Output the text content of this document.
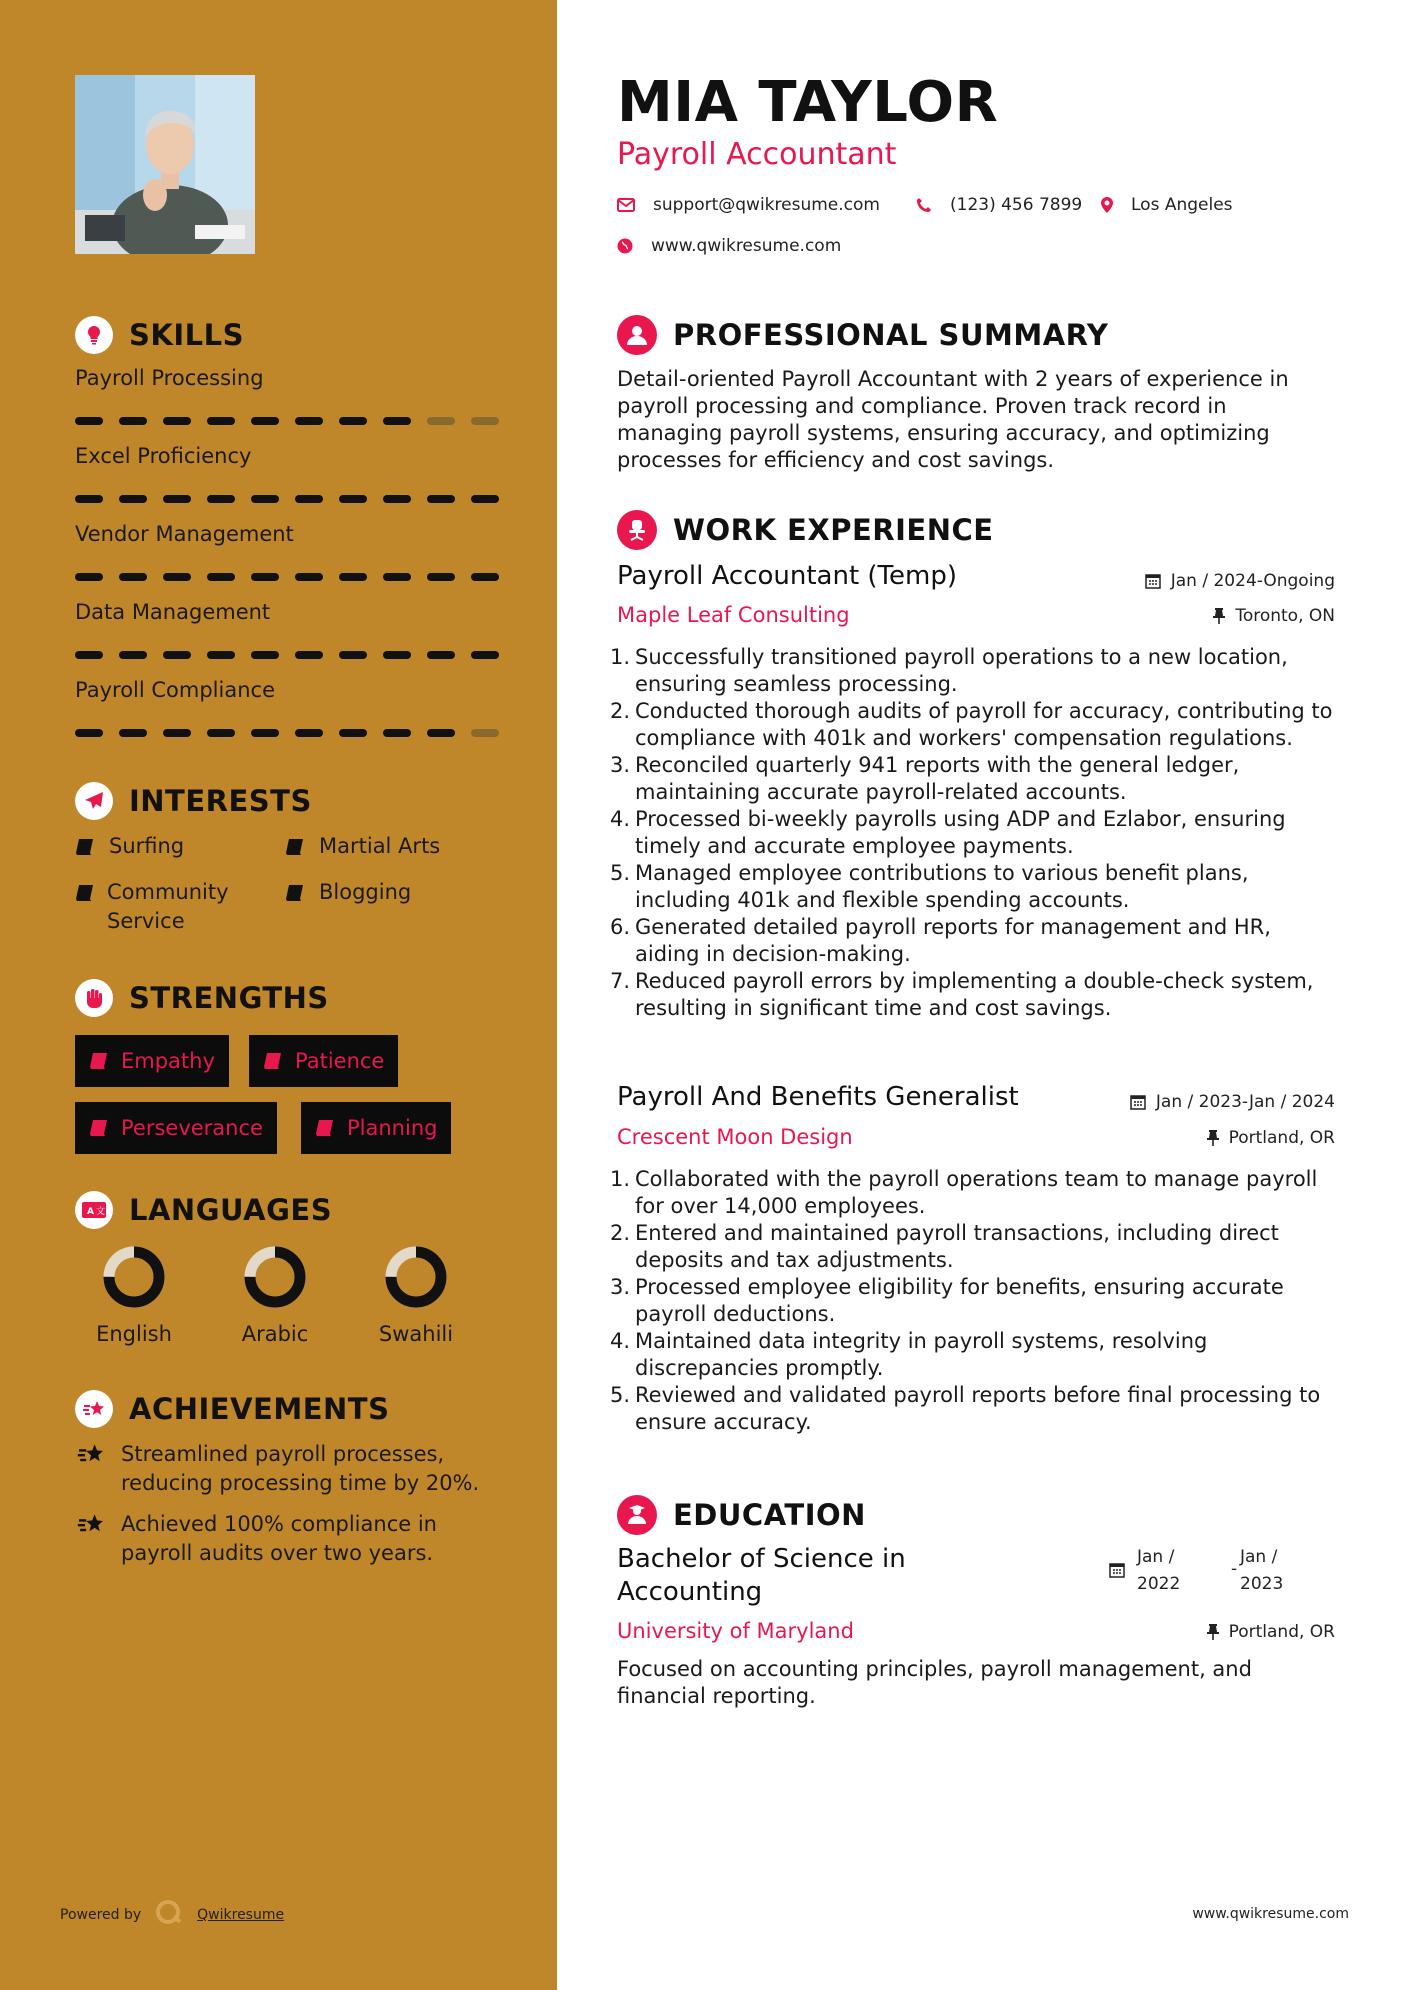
SKILLS
Payroll Processing
Excel Proficiency
Vendor Management
Data Management
Payroll Compliance
INTERESTS
Surfing	Martial Arts
Community Service
Blogging
STRENGTHS
Empathy	Patience
Perseverance	Planning
A 文 LANGUAGES
English	Arabic	Swahili
ACHIEVEMENTS
Streamlined payroll processes, reducing processing time by 20%.
Achieved 100% compliance in payroll audits over two years.
Powered by	Qwikresume
MIA TAYLOR
Payroll Accountant
support@qwikresume.com	(123) 456 7899	Los Angeles
www.qwikresume.com
PROFESSIONAL SUMMARY
Detail-oriented Payroll Accountant with 2 years of experience in payroll processing and compliance. Proven track record in managing payroll systems, ensuring accuracy, and optimizing processes for efficiency and cost savings.
WORK EXPERIENCE
Payroll Accountant (Temp)	Jan / 2024-Ongoing
Maple Leaf Consulting	Toronto, ON
1. Successfully transitioned payroll operations to a new location, ensuring seamless processing.
2. Conducted thorough audits of payroll for accuracy, contributing to compliance with 401k and workers' compensation regulations.
3. Reconciled quarterly 941 reports with the general ledger, maintaining accurate payroll-related accounts.
4. Processed bi-weekly payrolls using ADP and Ezlabor, ensuring timely and accurate employee payments.
5. Managed employee contributions to various benefit plans, including 401k and flexible spending accounts.
6. Generated detailed payroll reports for management and HR, aiding in decision-making.
7. Reduced payroll errors by implementing a double-check system, resulting in significant time and cost savings.
Payroll And Benefits Generalist	Jan / 2023-Jan / 2024
Crescent Moon Design	Portland, OR
1. Collaborated with the payroll operations team to manage payroll for over 14,000 employees.
2. Entered and maintained payroll transactions, including direct deposits and tax adjustments.
3. Processed employee eligibility for benefits, ensuring accurate payroll deductions.
4. Maintained data integrity in payroll systems, resolving discrepancies promptly.
5. Reviewed and validated payroll reports before final processing to ensure accuracy.
EDUCATION
Bachelor of Science in Accounting
Jan /
2022
-
Jan /
2023
University of Maryland	Portland, OR
Focused on accounting principles, payroll management, and financial reporting.
www.qwikresume.com
